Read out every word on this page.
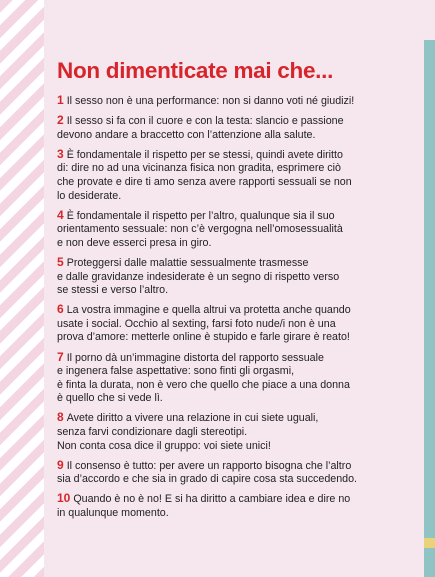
Non dimenticate mai che...
1 Il sesso non è una performance: non si danno voti né giudizi!
2 Il sesso si fa con il cuore e con la testa: slancio e passione
devono andare a braccetto con l’attenzione alla salute.
3 È fondamentale il rispetto per se stessi, quindi avete diritto
di: dire no ad una vicinanza fisica non gradita, esprimere ciò
che provate e dire ti amo senza avere rapporti sessuali se non
lo desiderate.
4 È fondamentale il rispetto per l’altro, qualunque sia il suo
orientamento sessuale: non c’è vergogna nell’omosessualità
e non deve esserci presa in giro.
5 Proteggersi dalle malattie sessualmente trasmesse
e dalle gravidanze indesiderate è un segno di rispetto verso
se stessi e verso l’altro.
6 La vostra immagine e quella altrui va protetta anche quando
usate i social. Occhio al sexting, farsi foto nude/i non è una
prova d’amore: metterle online è stupido e farle girare è reato!
7 Il porno dà un’immagine distorta del rapporto sessuale
e ingenera false aspettative: sono finti gli orgasmi,
è finta la durata, non è vero che quello che piace a una donna
è quello che si vede lì.
8 Avete diritto a vivere una relazione in cui siete uguali,
senza farvi condizionare dagli stereotipi.
Non conta cosa dice il gruppo: voi siete unici!
9 Il consenso è tutto: per avere un rapporto bisogna che l’altro
sia d’accordo e che sia in grado di capire cosa sta succedendo.
10 Quando è no è no! E si ha diritto a cambiare idea e dire no
in qualunque momento.
